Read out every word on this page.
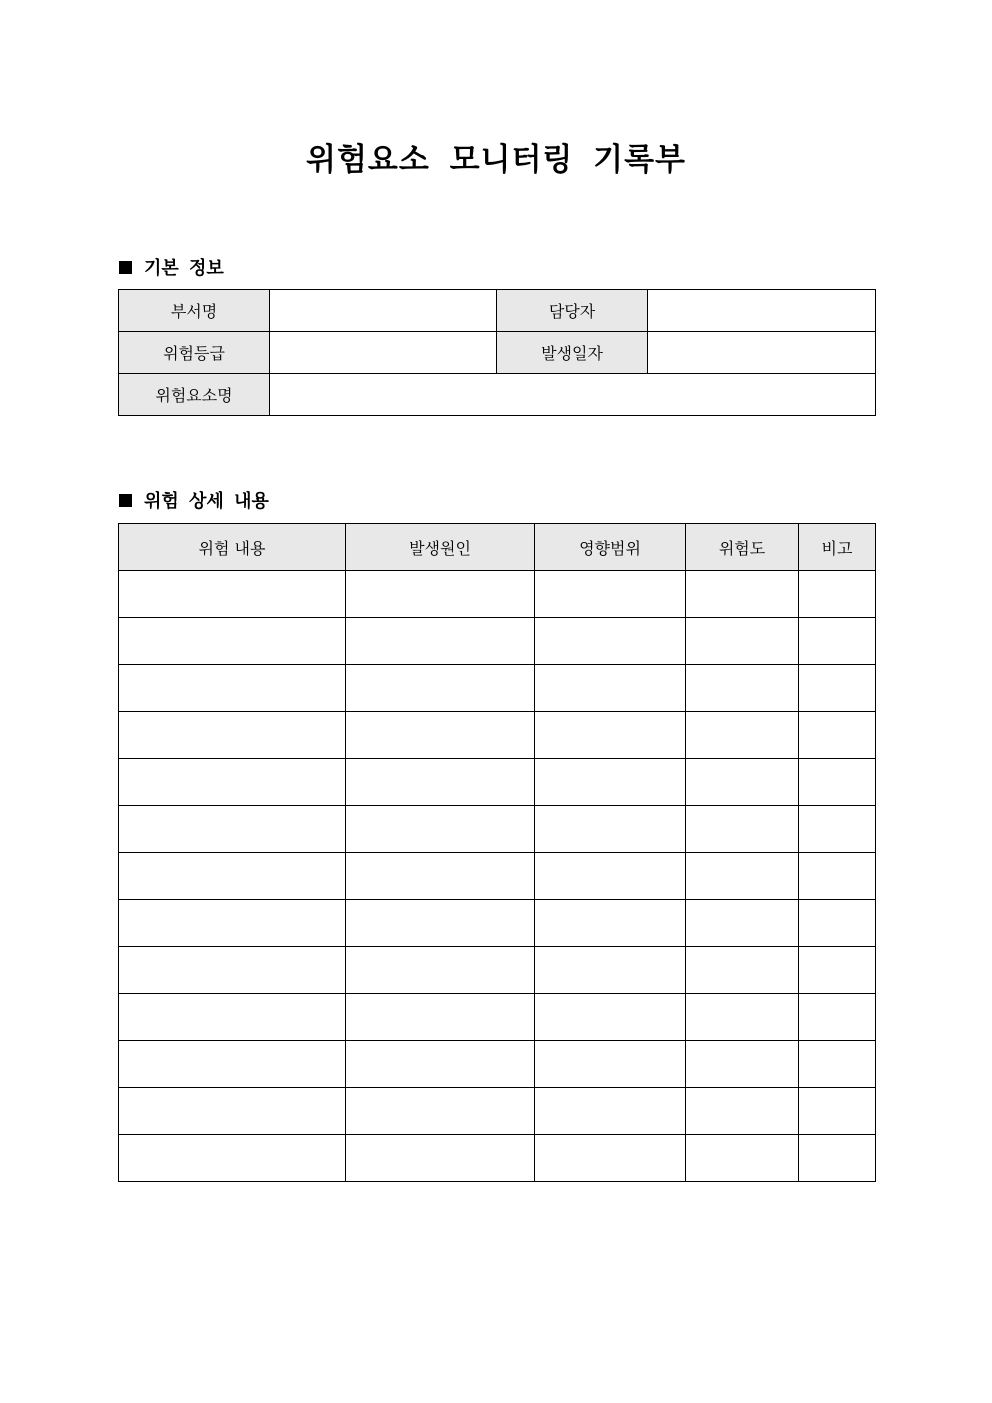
위험요소 모니터링 기록부
기본 정보
부서명		담당자	
위험등급		발생일자	
위험요소명			
위험 상세 내용
위험 내용	발생원인	영향범위	위험도	비고
